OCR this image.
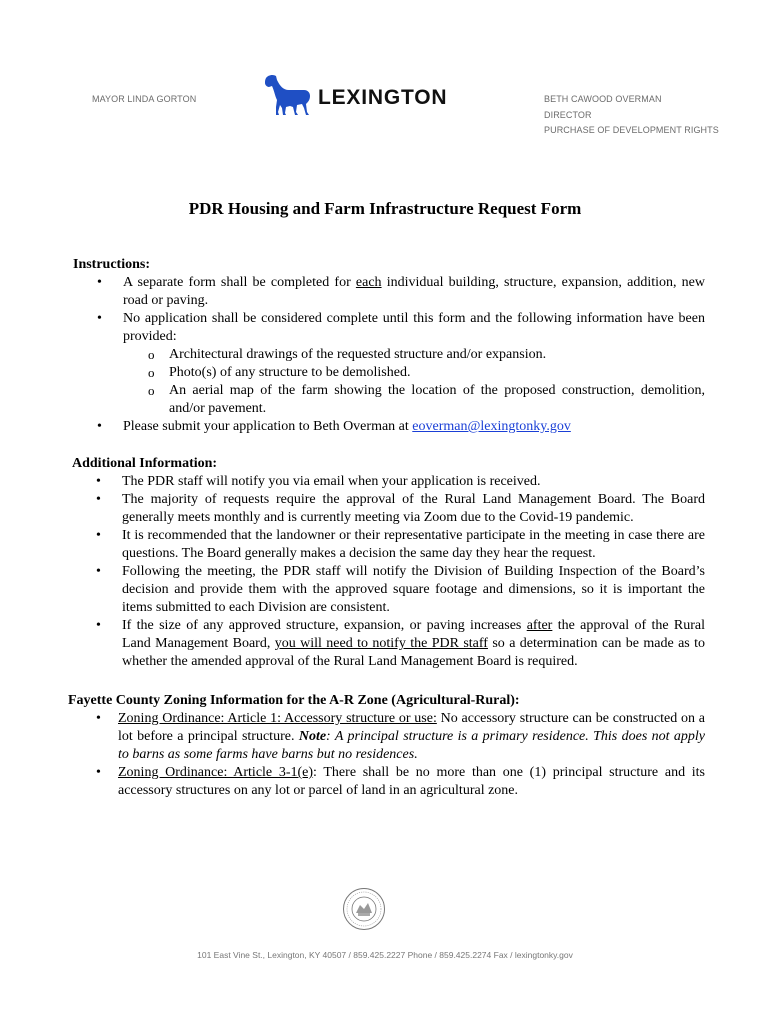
MAYOR LINDA GORTON	LEXINGTON	BETH CAWOOD OVERMAN
DIRECTOR
PURCHASE OF DEVELOPMENT RIGHTS
PDR Housing and Farm Infrastructure Request Form
Instructions:
• A separate form shall be completed for each individual building, structure, expansion, addition, new road or paving.
• No application shall be considered complete until this form and the following information have been provided:
o Architectural drawings of the requested structure and/or expansion.
o Photo(s) of any structure to be demolished.
o An aerial map of the farm showing the location of the proposed construction, demolition, and/or pavement.
• Please submit your application to Beth Overman at eoverman@lexingtonky.gov
Additional Information:
• The PDR staff will notify you via email when your application is received.
• The majority of requests require the approval of the Rural Land Management Board. The Board generally meets monthly and is currently meeting via Zoom due to the Covid-19 pandemic.
• It is recommended that the landowner or their representative participate in the meeting in case there are questions. The Board generally makes a decision the same day they hear the request.
• Following the meeting, the PDR staff will notify the Division of Building Inspection of the Board’s decision and provide them with the approved square footage and dimensions, so it is important the items submitted to each Division are consistent.
• If the size of any approved structure, expansion, or paving increases after the approval of the Rural Land Management Board, you will need to notify the PDR staff so a determination can be made as to whether the amended approval of the Rural Land Management Board is required.
Fayette County Zoning Information for the A-R Zone (Agricultural-Rural):
• Zoning Ordinance: Article 1: Accessory structure or use: No accessory structure can be constructed on a lot before a principal structure. Note: A principal structure is a primary residence. This does not apply to barns as some farms have barns but no residences.
• Zoning Ordinance: Article 3-1(e): There shall be no more than one (1) principal structure and its accessory structures on any lot or parcel of land in an agricultural zone.
101 East Vine St., Lexington, KY 40507 / 859.425.2227 Phone / 859.425.2274 Fax / lexingtonky.gov
